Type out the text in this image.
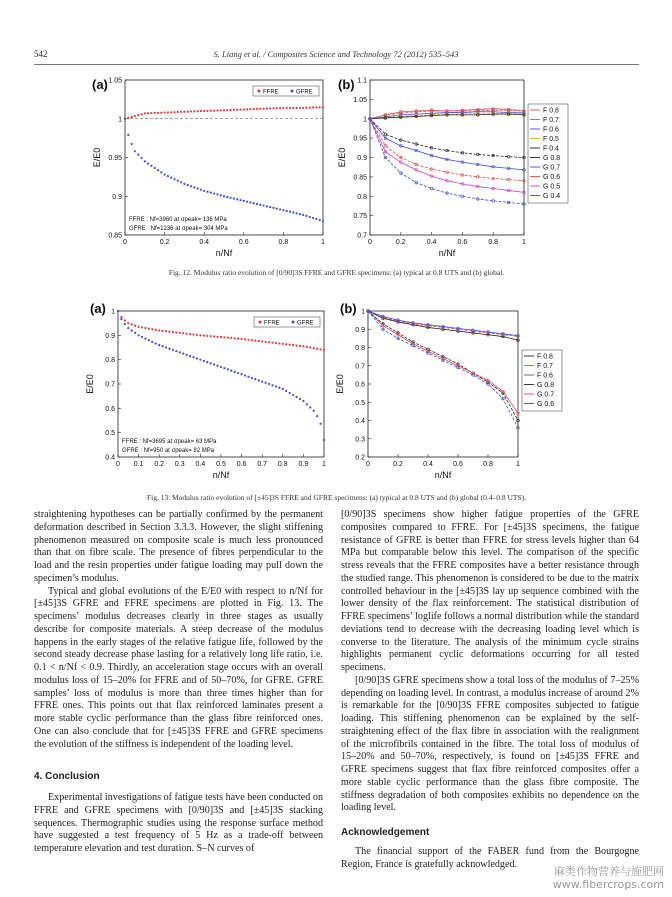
542	S. Liang et al. / Composites Science and Technology 72 (2012) 535–543
(a)
0	0.2	0.4	0.6	0.8	1
0.85
0.9
0.95
1
1.05
n/Nf
E/E0
FFRE	GFRE
FFRE : Nf=3960 at σpeak= 136 MPa
GFRE : Nf=1236 at σpeak= 304 MPa
(b)
0	0.2	0.4	0.6	0.8	1
0.7
0.75
0.8
0.85
0.9
0.95
1
1.05
1.1
n/Nf
E/E0
F 0.8
F 0.7
F 0.6
F 0.5
F 0.4
G 0.8
G 0.7
G 0.6
G 0.5
G 0.4
(a)
0 0.1 0.2 0.3 0.4 0.5 0.6 0.7 0.8 0.9 1
0.4
0.5
0.6
0.7
0.8
0.9
1
n/Nf
E/E0
FFRE	GFRE
FFRE : Nf=3695 at σpeak= 63 MPa
GFRE : Nf=950 at σpeak= 82 MPa
(b)
0	0.2	0.4	0.6	0.8	1
0.2
0.3
0.4
0.5
0.6
0.7
0.8
0.9
1
n/Nf
E/E0
F 0.8
F 0.7
F 0.6
G 0.8
G 0.7
G 0.6
Fig. 12. Modulus ratio evolution of [0/90]3S FFRE and GFRE specimens: (a) typical at 0.8 UTS and (b) global.
Fig. 13. Modulus ratio evolution of [±45]3S FFRE and GFRE specimens: (a) typical at 0.8 UTS and (b) global (0.4–0.8 UTS).

straightening hypotheses can be partially confirmed by the permanent deformation described in Section 3.3.3. However, the slight stiffening phenomenon measured on composite scale is much less pronounced than that on fibre scale. The presence of fibres perpendicular to the load and the resin properties under fatigue loading may pull down the specimen’s modulus.

Typical and global evolutions of the E/E0 with respect to n/Nf for [±45]3S GFRE and FFRE specimens are plotted in Fig. 13. The specimens’ modulus decreases clearly in three stages as usually describe for composite materials. A steep decrease of the modulus happens in the early stages of the relative fatigue life, followed by the second steady decrease phase lasting for a relatively long life ratio, i.e. 0.1 < n/Nf < 0.9. Thirdly, an acceleration stage occurs with an overall modulus loss of 15–20% for FFRE and of 50–70%, for GFRE. GFRE samples’ loss of modulus is more than three times higher than for FFRE ones. This points out that flax reinforced laminates present a more stable cyclic performance than the glass fibre reinforced ones. One can also conclude that for [±45]3S FFRE and GFRE specimens the evolution of the stiffness is independent of the loading level.

4. Conclusion

Experimental investigations of fatigue tests have been conducted on FFRE and GFRE specimens with [0/90]3S and [±45]3S stacking sequences. Thermographic studies using the response surface method have suggested a test frequency of 5 Hz as a trade-off between temperature elevation and test duration. S–N curves of

[0/90]3S specimens show higher fatigue properties of the GFRE composites compared to FFRE. For [±45]3S specimens, the fatigue resistance of GFRE is better than FFRE for stress levels higher than 64 MPa but comparable below this level. The comparison of the specific stress reveals that the FFRE composites have a better resistance through the studied range. This phenomenon is considered to be due to the matrix controlled behaviour in the [±45]3S lay up sequence combined with the lower density of the flax reinforcement. The statistical distribution of FFRE specimens’ loglife follows a normal distribution while the standard deviations tend to decrease with the decreasing loading level which is converse to the literature. The analysis of the minimum cycle strains highlights permanent cyclic deformations occurring for all tested specimens.

[0/90]3S GFRE specimens show a total loss of the modulus of 7–25% depending on loading level. In contrast, a modulus increase of around 2% is remarkable for the [0/90]3S FFRE composites subjected to fatigue loading. This stiffening phenomenon can be explained by the self-straightening effect of the flax fibre in association with the realignment of the microfibrils contained in the fibre. The total loss of modulus of 15–20% and 50–70%, respectively, is found on [±45]3S FFRE and GFRE specimens suggest that flax fibre reinforced composites offer a more stable cyclic performance than the glass fibre composite. The stiffness degradation of both composites exhibits no dependence on the loading level.

Acknowledgement

The financial support of the FABER fund from the Bourgogne Region, France is gratefully acknowledged.

麻类作物营养与施肥网
www.fibercrops.com
